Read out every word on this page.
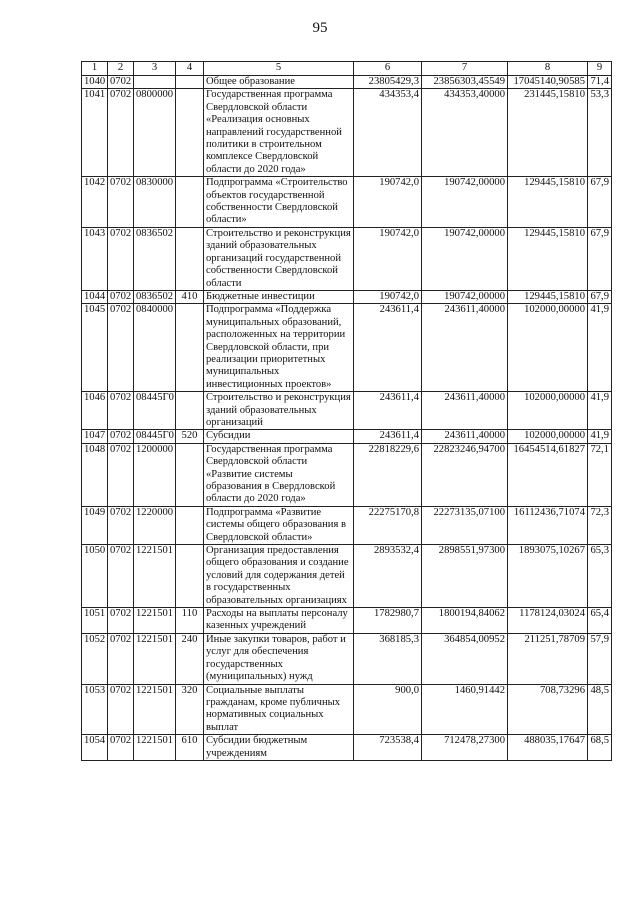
95
1	2	3	4	5	6	7	8	9
1040	0702			Общее образование	23805429,3	23856303,45549	17045140,90585	71,4
1041	0702	0800000		Государственная программа Свердловской области «Реализация основных направлений государственной политики в строительном комплексе Свердловской области до 2020 года»	434353,4	434353,40000	231445,15810	53,3
1042	0702	0830000		Подпрограмма «Строительство объектов государственной собственности Свердловской области»	190742,0	190742,00000	129445,15810	67,9
1043	0702	0836502		Строительство и реконструкция зданий образовательных организаций государственной собственности Свердловской области	190742,0	190742,00000	129445,15810	67,9
1044	0702	0836502	410	Бюджетные инвестиции	190742,0	190742,00000	129445,15810	67,9
1045	0702	0840000		Подпрограмма «Поддержка муниципальных образований, расположенных на территории Свердловской области, при реализации приоритетных муниципальных инвестиционных проектов»	243611,4	243611,40000	102000,00000	41,9
1046	0702	08445Г0		Строительство и реконструкция зданий образовательных организаций	243611,4	243611,40000	102000,00000	41,9
1047	0702	08445Г0	520	Субсидии	243611,4	243611,40000	102000,00000	41,9
1048	0702	1200000		Государственная программа Свердловской области «Развитие системы образования в Свердловской области до 2020 года»	22818229,6	22823246,94700	16454514,61827	72,1
1049	0702	1220000		Подпрограмма «Развитие системы общего образования в Свердловской области»	22275170,8	22273135,07100	16112436,71074	72,3
1050	0702	1221501		Организация предоставления общего образования и создание условий для содержания детей в государственных образовательных организациях	2893532,4	2898551,97300	1893075,10267	65,3
1051	0702	1221501	110	Расходы на выплаты персоналу казенных учреждений	1782980,7	1800194,84062	1178124,03024	65,4
1052	0702	1221501	240	Иные закупки товаров, работ и услуг для обеспечения государственных (муниципальных) нужд	368185,3	364854,00952	211251,78709	57,9
1053	0702	1221501	320	Социальные выплаты гражданам, кроме публичных нормативных социальных выплат	900,0	1460,91442	708,73296	48,5
1054	0702	1221501	610	Субсидии бюджетным учреждениям	723538,4	712478,27300	488035,17647	68,5
